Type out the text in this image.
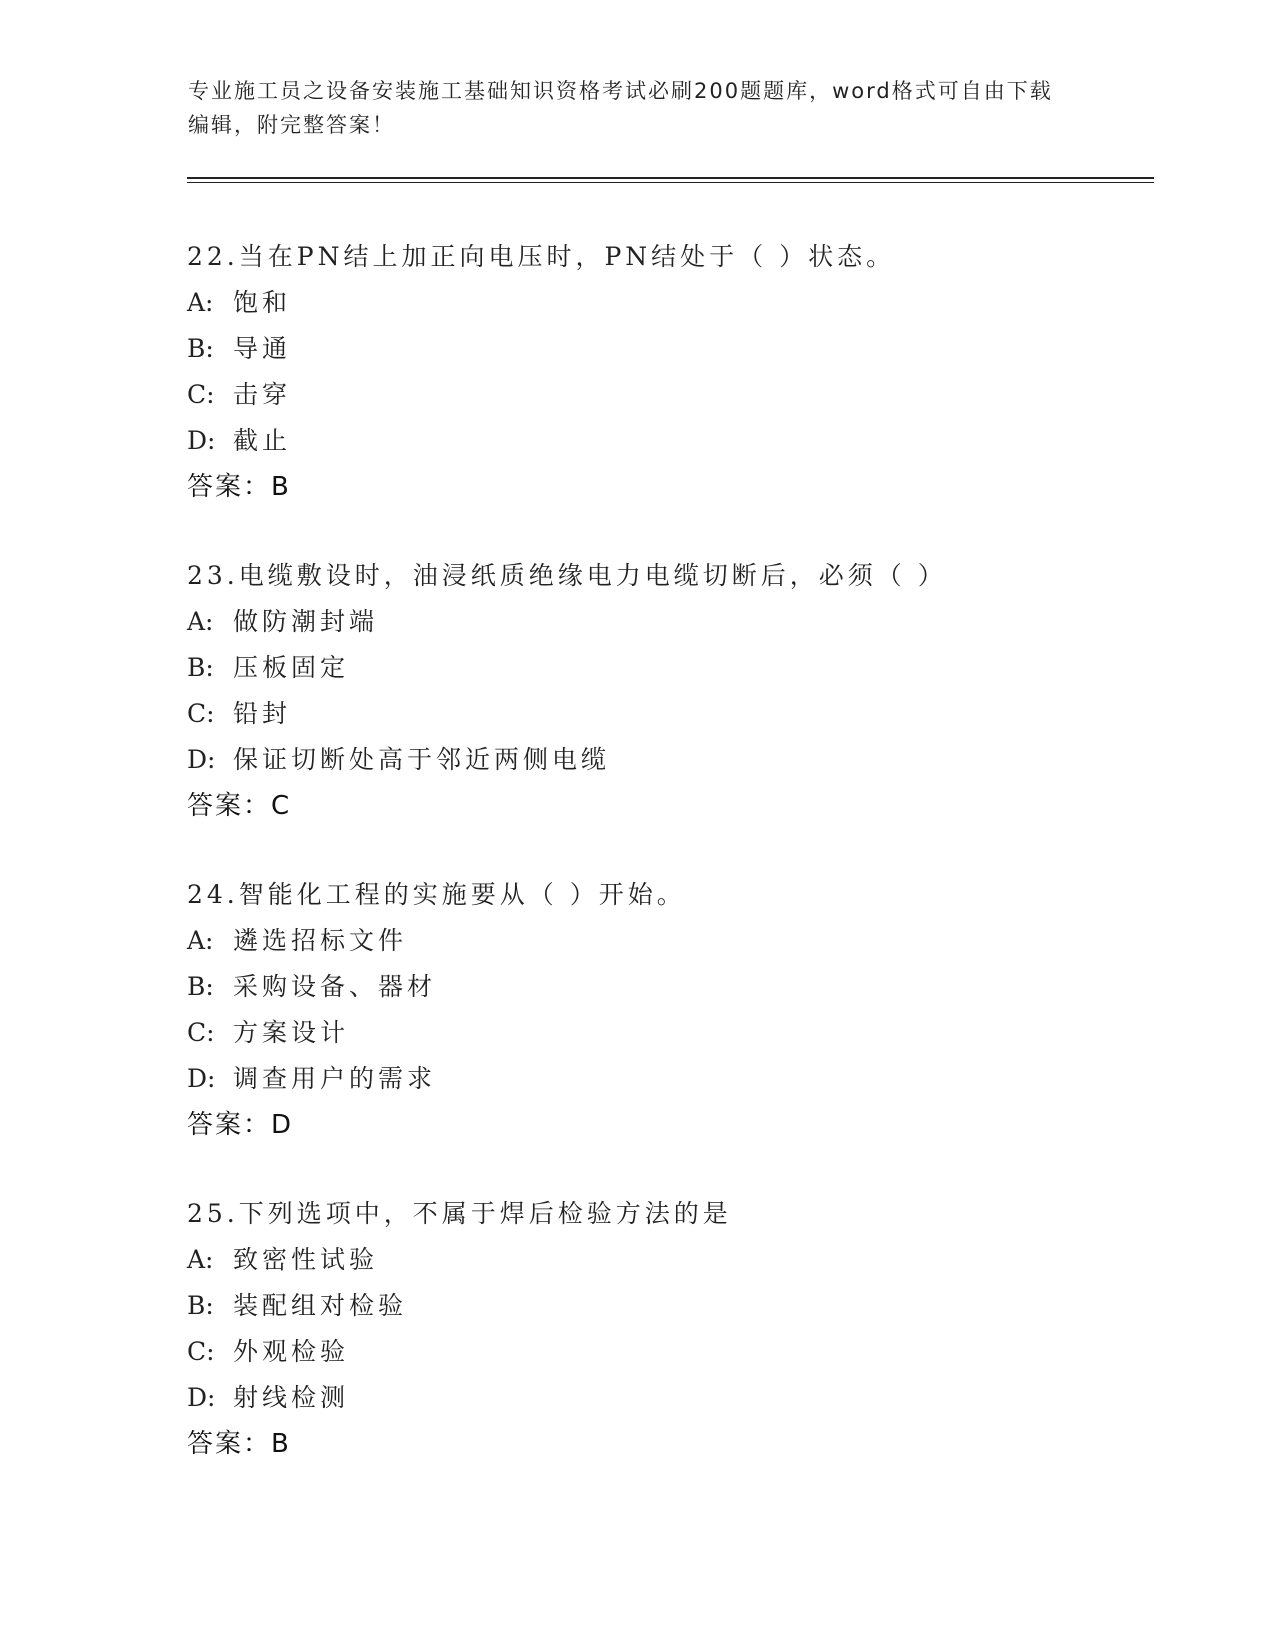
专业施工员之设备安装施工基础知识资格考试必刷200题题库，word格式可自由下载编辑，附完整答案！
22.当在PN结上加正向电压时，PN结处于（ ）状态。
A: 饱和
B: 导通
C: 击穿
D: 截止
答案：B
23.电缆敷设时，油浸纸质绝缘电力电缆切断后，必须（ ）
A: 做防潮封端
B: 压板固定
C: 铅封
D: 保证切断处高于邻近两侧电缆
答案：C
24.智能化工程的实施要从（ ）开始。
A: 遴选招标文件
B: 采购设备、器材
C: 方案设计
D: 调查用户的需求
答案：D
25.下列选项中，不属于焊后检验方法的是
A: 致密性试验
B: 装配组对检验
C: 外观检验
D: 射线检测
答案：B
